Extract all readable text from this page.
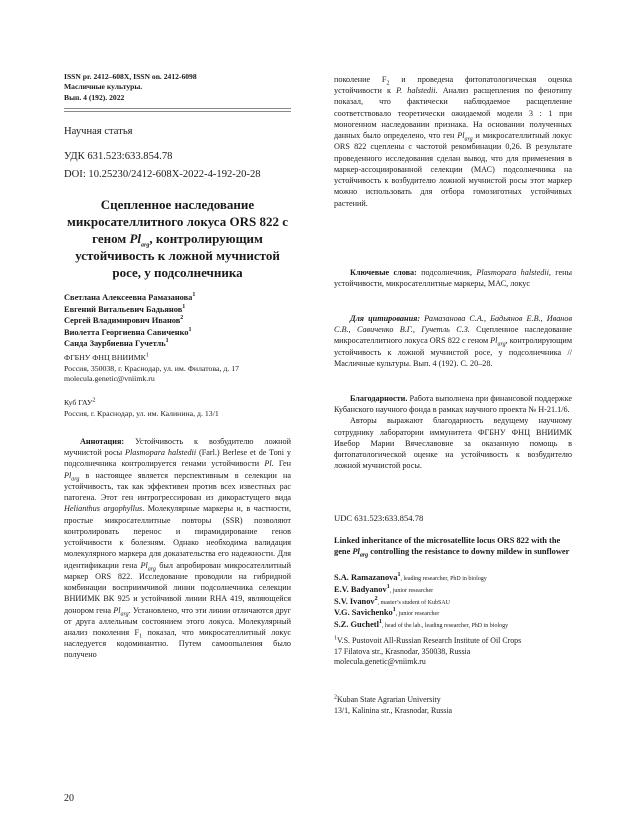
ISSN pr. 2412–608X, ISSN on. 2412-6098
Масличные культуры.
Вып. 4 (192). 2022
Научная статья
УДК 631.523:633.854.78
DOI: 10.25230/2412-608X-2022-4-192-20-28
Сцепленное наследование микросателлитного локуса ORS 822 с геном $Pl_{arg}$, контролирующим устойчивость к ложной мучнистой росе, у подсолнечника
Светлана Алексеевна Рамазанова$^1$
Евгений Витальевич Бадьянов$^1$
Сергей Владимирович Иванов$^2$
Виолетта Георгиевна Савиченко$^1$
Санда Заурбиевна Гучетль$^1$
ФГБНУ ФНЦ ВНИИМК$^1$
Россия, 350038, г. Краснодар, ул. им. Филатова, д. 17
molecula.genetic@vniimk.ru
Куб ГАУ$^2$
Россия, г. Краснодар, ул. им. Калинина, д. 13/1
Аннотация: Устойчивость к возбудителю ложной мучнистой росы Plasmopara halstedii (Farl.) Berlese et de Toni у подсолнечника контролируется генами устойчивости Pl. Ген $Pl_{arg}$ в настоящее является перспективным в селекции на устойчивость, так как эффективен против всех известных рас патогена. Этот ген интрогрессирован из дикорастущего вида Helianthus argophyllus. Молекулярные маркеры и, в частности, простые микросателлитные повторы (SSR) позволяют контролировать перенос и пирамидирование генов устойчивости к болезням. Однако необходима валидация молекулярного маркера для доказательства его надежности. Для идентификации гена $Pl_{arg}$ был апробирован микросателлитный маркер ORS 822. Исследование проводили на гибридной комбинации восприимчивой линии подсолнечника селекции ВНИИМК ВК 925 и устойчивой линии RHA 419, являющейся донором гена $Pl_{arg}$. Установлено, что эти линии отличаются друг от друга аллельным состоянием этого локуса. Молекулярный анализ поколения $F_1$ показал, что микросателлитный локус наследуется кодоминантно. Путем самоопыления было получено
20
поколение $F_2$ и проведена фитопатологическая оценка устойчивости к P. halstedii. Анализ расщепления по фенотипу показал, что фактически наблюдаемое расщепление соответствовало теоретически ожидаемой модели 3 : 1 при моногенном наследовании признака. На основании полученных данных было определено, что ген $Pl_{arg}$ и микросателлитный локус ORS 822 сцеплены с частотой рекомбинации 0,26. В результате проведенного исследования сделан вывод, что для применения в маркер-ассоциированной селекции (МАС) подсолнечника на устойчивость к возбудителю ложной мучнистой росы этот маркер можно использовать для отбора гомозиготных устойчивых растений.
Ключевые слова: подсолнечник, Plasmopara halstedii, гены устойчивости, микросателлитные маркеры, МАС, локус
Для цитирования: Рамазанова С.А., Бадьянов Е.В., Иванов С.В., Савиченко В.Г., Гучетль С.З. Сцепленное наследование микросателлитного локуса ORS 822 с геном $Pl_{arg}$, контролирующим устойчивость к ложной мучнистой росе, у подсолнечника // Масличные культуры. Вып. 4 (192). С. 20–28.
Благодарности. Работа выполнена при финансовой поддержке Кубанского научного фонда в рамках научного проекта № Н-21.1/6.
Авторы выражают благодарность ведущему научному сотруднику лаборатории иммунитета ФГБНУ ФНЦ ВНИИМК Ивебор Марии Вячеславовне за оказанную помощь в фитопатологической оценке на устойчивость к возбудителю ложной мучнистой росы.
UDC 631.523:633.854.78
Linked inheritance of the microsatellite locus ORS 822 with the gene $Pl_{arg}$ controlling the resistance to downy mildew in sunflower
S.A. Ramazanova$^1$, leading researcher, PhD in biology
E.V. Badyanov$^1$, junior researcher
S.V. Ivanov$^2$, master’s student of KubSAU
V.G. Savichenko$^1$, junior researcher
S.Z. Guchetl$^1$, head of the lab., leading researcher, PhD in biology
$^1$V.S. Pustovoit All-Russian Research Institute of Oil Crops
17 Filatova str., Krasnodar, 350038, Russia
molecula.genetic@vniimk.ru
$^2$Kuban State Agrarian University
13/1, Kalinina str., Krasnodar, Russia
